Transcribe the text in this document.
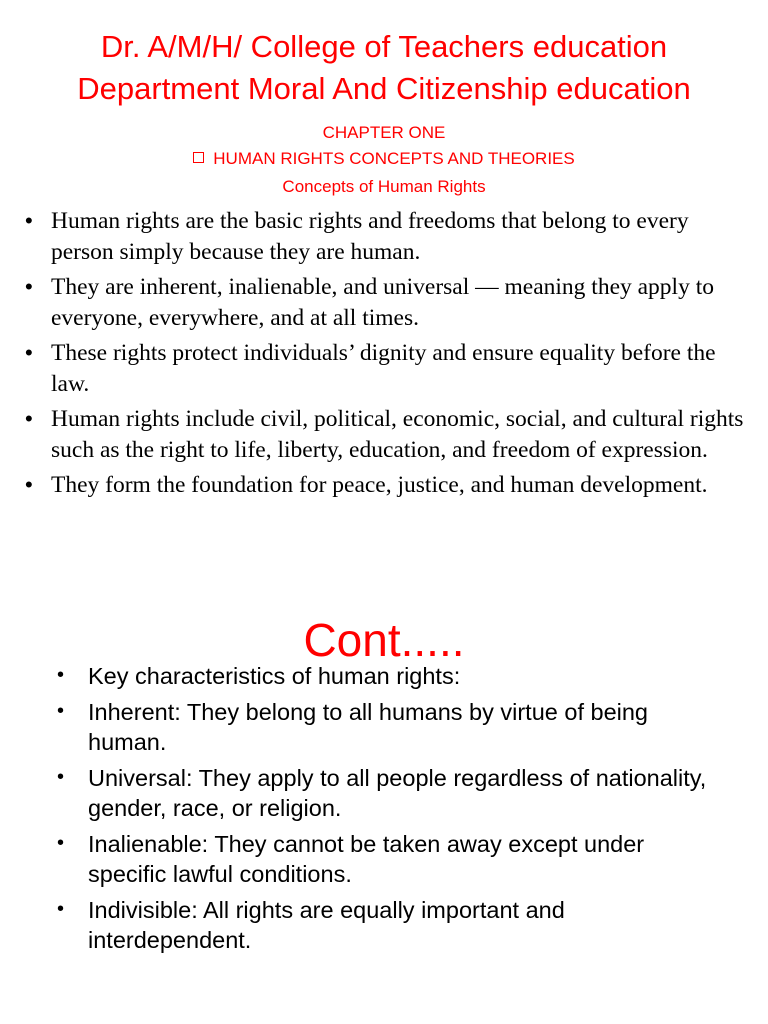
Dr. A/M/H/ College of Teachers education
Department Moral And Citizenship education
CHAPTER ONE
HUMAN RIGHTS CONCEPTS AND THEORIES
Concepts of Human Rights
• Human rights are the basic rights and freedoms that belong to every person simply because they are human.
• They are inherent, inalienable, and universal — meaning they apply to everyone, everywhere, and at all times.
• These rights protect individuals’ dignity and ensure equality before the law.
• Human rights include civil, political, economic, social, and cultural rights such as the right to life, liberty, education, and freedom of expression.
• They form the foundation for peace, justice, and human development.
Cont.....
• Key characteristics of human rights:
• Inherent: They belong to all humans by virtue of being human.
• Universal: They apply to all people regardless of nationality, gender, race, or religion.
• Inalienable: They cannot be taken away except under specific lawful conditions.
• Indivisible: All rights are equally important and interdependent.
